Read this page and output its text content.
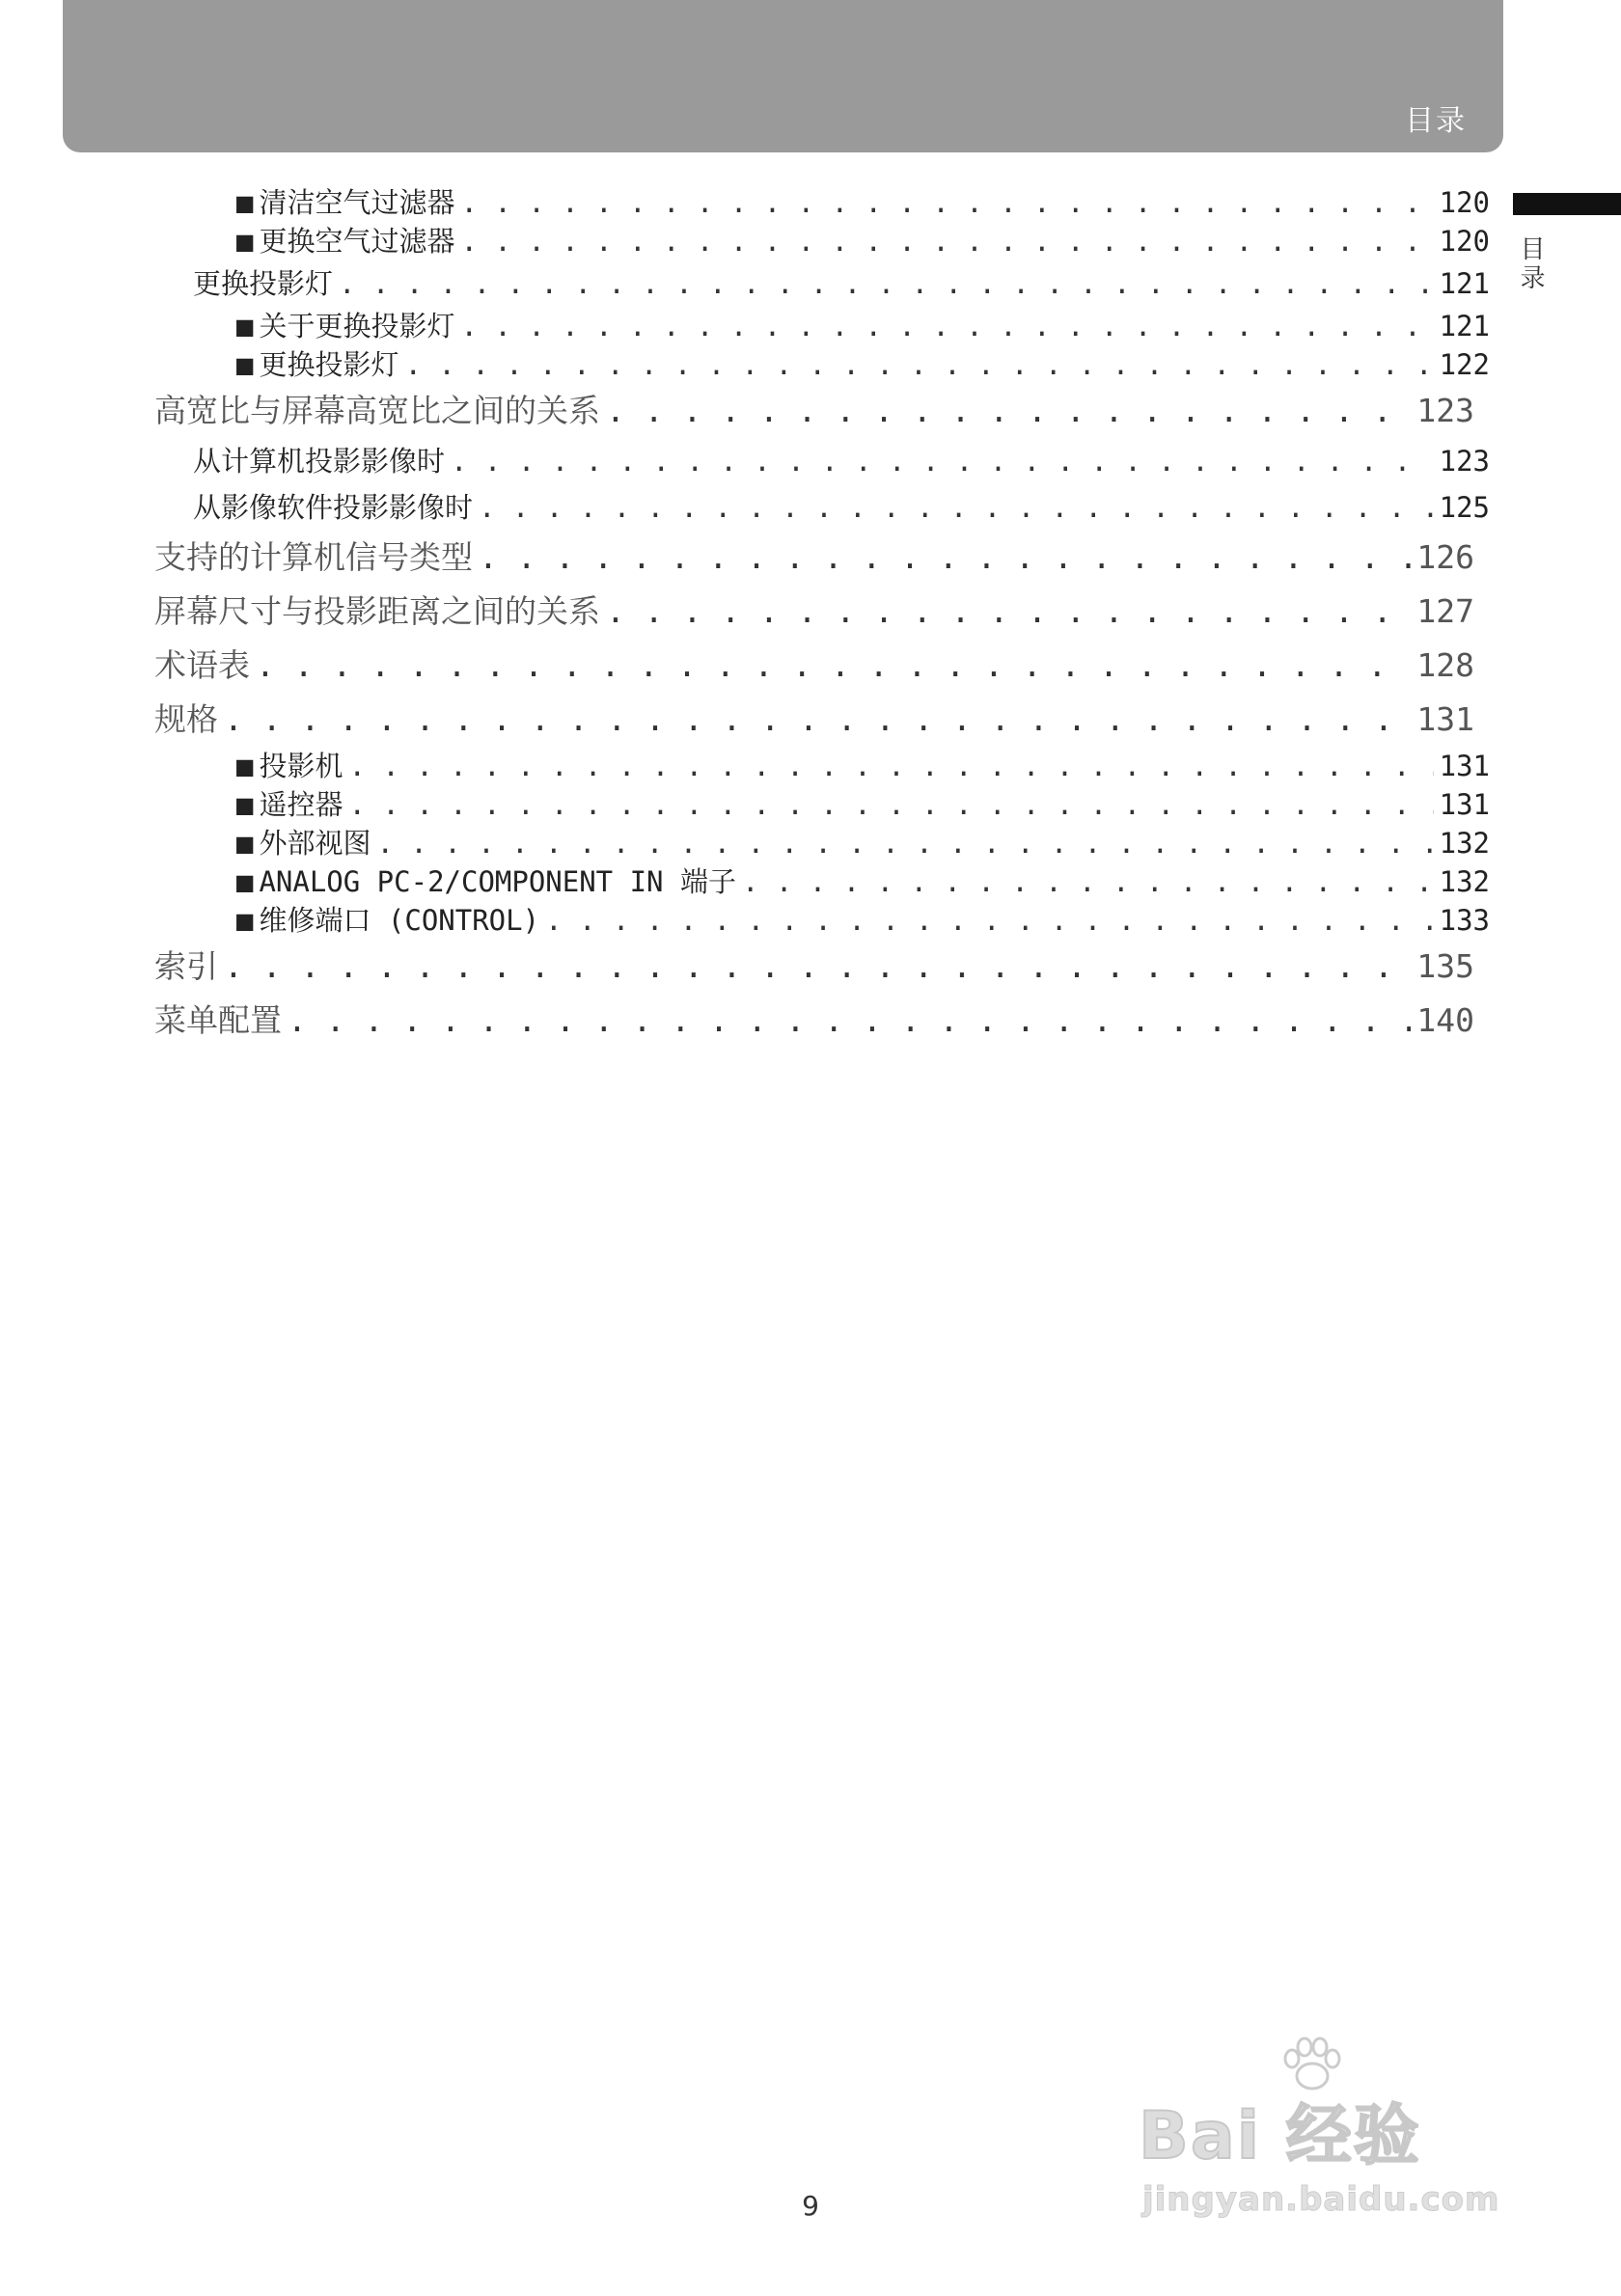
目录
目录
■ 清洁空气过滤器 . . .	120
■ 更换空气过滤器 . . .	120
更换投影灯 . . .	121
■ 关于更换投影灯 . . .	121
■ 更换投影灯 . . .	122
高宽比与屏幕高宽比之间的关系 . . .	123
从计算机投影影像时 . . .	123
从影像软件投影影像时 . . .	125
支持的计算机信号类型 . . .	126
屏幕尺寸与投影距离之间的关系 . . .	127
术语表 . . .	128
规格 . . .	131
■ 投影机 . . .	131
■ 遥控器 . . .	131
■ 外部视图 . . .	132
■ ANALOG PC-2/COMPONENT IN 端子 . . .	132
■ 维修端口 (CONTROL) . . .	133
索引 . . .	135
菜单配置 . . .	140
9
Bai 经验
jingyan.baidu.com
